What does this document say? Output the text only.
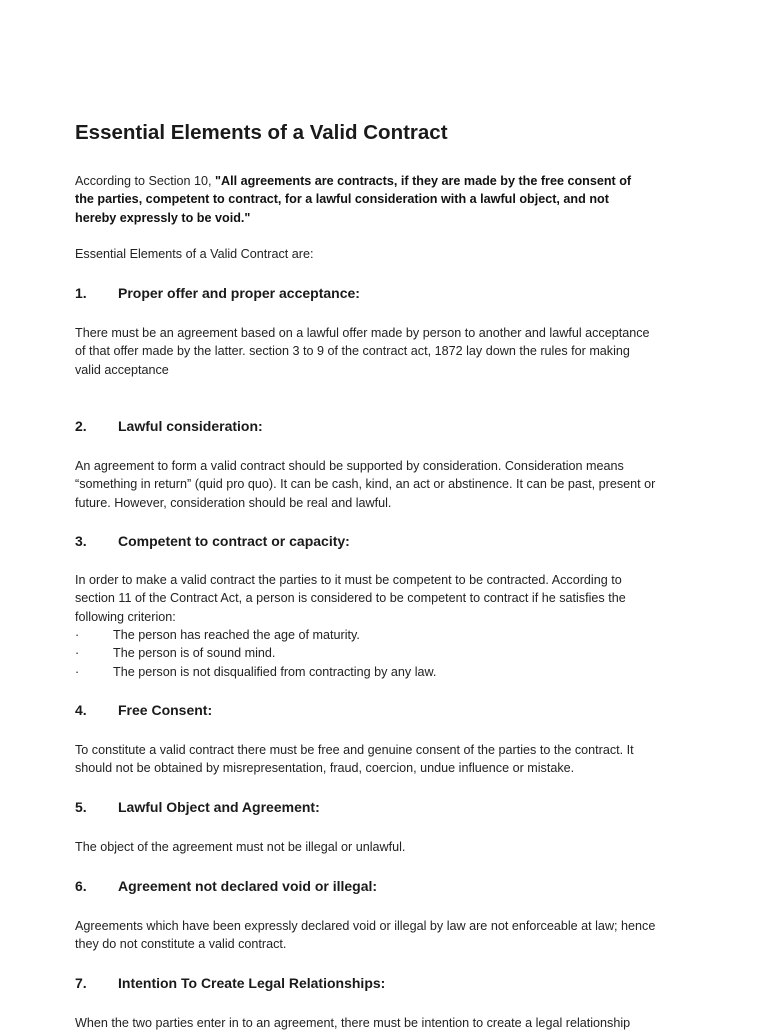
Essential Elements of a Valid Contract
According to Section 10, "All agreements are contracts, if they are made by the free consent of
the parties, competent to contract, for a lawful consideration with a lawful object, and not
hereby expressly to be void."

Essential Elements of a Valid Contract are:

1. Proper offer and proper acceptance:
There must be an agreement based on a lawful offer made by person to another and lawful acceptance
of that offer made by the latter. section 3 to 9 of the contract act, 1872 lay down the rules for making
valid acceptance
2. Lawful consideration:
An agreement to form a valid contract should be supported by consideration. Consideration means
“something in return” (quid pro quo). It can be cash, kind, an act or abstinence. It can be past, present or
future. However, consideration should be real and lawful.
3. Competent to contract or capacity:
In order to make a valid contract the parties to it must be competent to be contracted. According to
section 11 of the Contract Act, a person is considered to be competent to contract if he satisfies the
following criterion:
·	The person has reached the age of maturity.
·	The person is of sound mind.
·	The person is not disqualified from contracting by any law.
4. Free Consent:
To constitute a valid contract there must be free and genuine consent of the parties to the contract. It
should not be obtained by misrepresentation, fraud, coercion, undue influence or mistake.
5. Lawful Object and Agreement:
The object of the agreement must not be illegal or unlawful.
6. Agreement not declared void or illegal:
Agreements which have been expressly declared void or illegal by law are not enforceable at law; hence
they do not constitute a valid contract.
7. Intention To Create Legal Relationships:
When the two parties enter in to an agreement, there must be intention to create a legal relationship
